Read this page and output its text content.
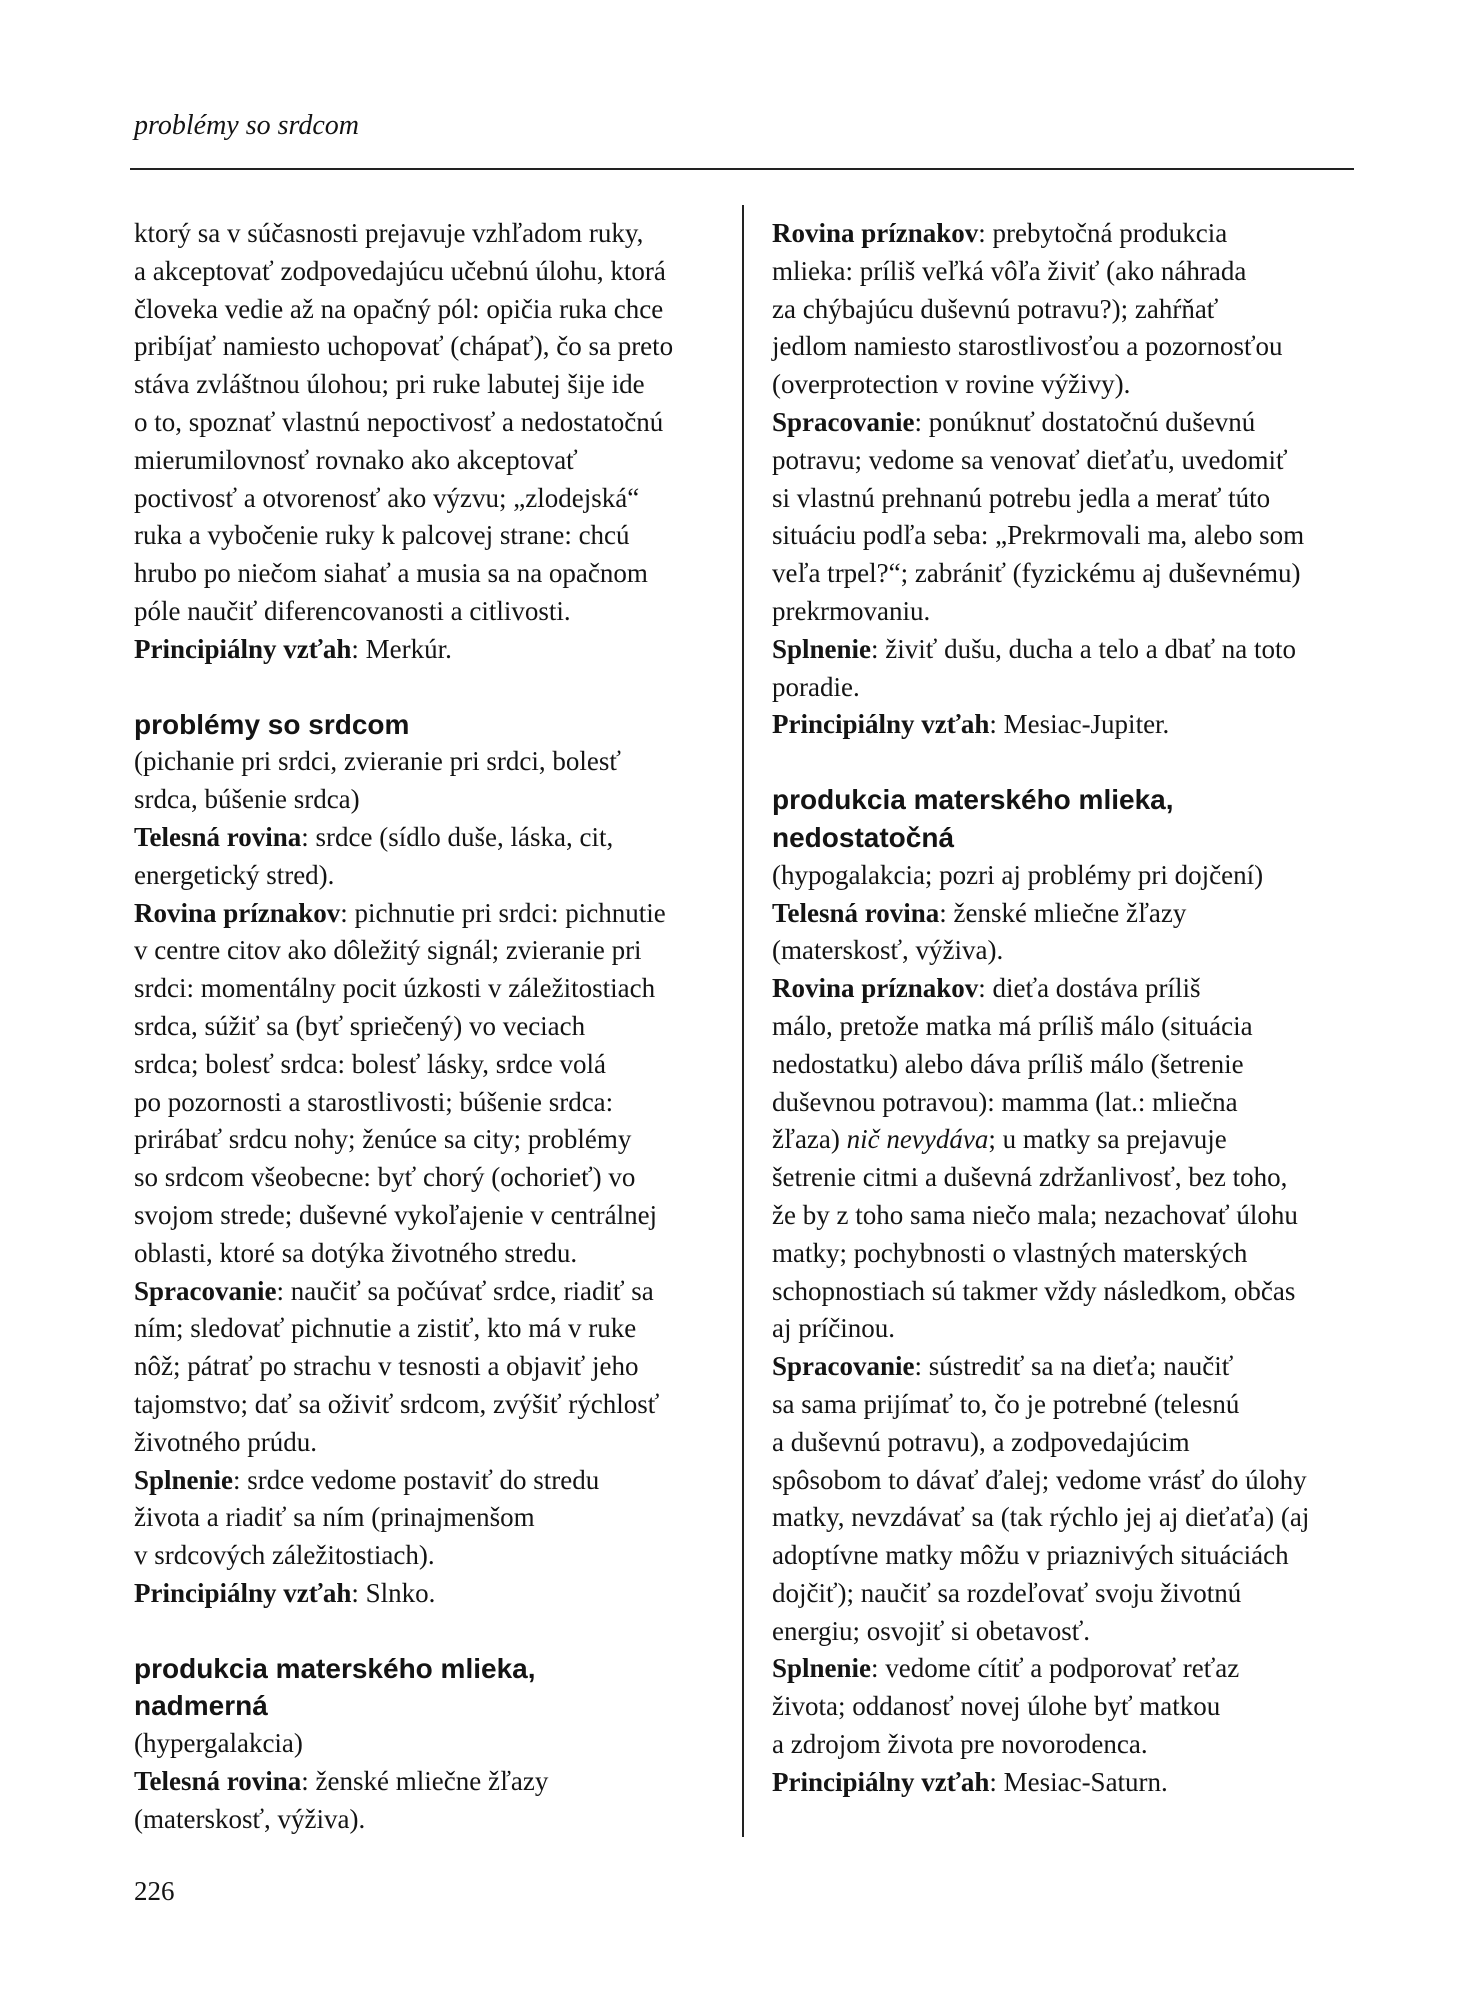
problémy so srdcom
ktorý sa v súčasnosti prejavuje vzhľadom ruky,
a akceptovať zodpovedajúcu učebnú úlohu, ktorá
človeka vedie až na opačný pól: opičia ruka chce
pribíjať namiesto uchopovať (chápať), čo sa preto
stáva zvláštnou úlohou; pri ruke labutej šije ide
o to, spoznať vlastnú nepoctivosť a nedostatočnú
mierumilovnosť rovnako ako akceptovať
poctivosť a otvorenosť ako výzvu; „zlodejská“
ruka a vybočenie ruky k palcovej strane: chcú
hrubo po niečom siahať a musia sa na opačnom
póle naučiť diferencovanosti a citlivosti.
Principiálny vzťah: Merkúr.
problémy so srdcom
(pichanie pri srdci, zvieranie pri srdci, bolesť
srdca, búšenie srdca)
Telesná rovina: srdce (sídlo duše, láska, cit,
energetický stred).
Rovina príznakov: pichnutie pri srdci: pichnutie
v centre citov ako dôležitý signál; zvieranie pri
srdci: momentálny pocit úzkosti v záležitostiach
srdca, súžiť sa (byť spriečený) vo veciach
srdca; bolesť srdca: bolesť lásky, srdce volá
po pozornosti a starostlivosti; búšenie srdca:
prirábať srdcu nohy; ženúce sa city; problémy
so srdcom všeobecne: byť chorý (ochorieť) vo
svojom strede; duševné vykoľajenie v centrálnej
oblasti, ktoré sa dotýka životného stredu.
Spracovanie: naučiť sa počúvať srdce, riadiť sa
ním; sledovať pichnutie a zistiť, kto má v ruke
nôž; pátrať po strachu v tesnosti a objaviť jeho
tajomstvo; dať sa oživiť srdcom, zvýšiť rýchlosť
životného prúdu.
Splnenie: srdce vedome postaviť do stredu
života a riadiť sa ním (prinajmenšom
v srdcových záležitostiach).
Principiálny vzťah: Slnko.
produkcia materského mlieka,
nadmerná
(hypergalakcia)
Telesná rovina: ženské mliečne žľazy
(materskosť, výživa).
Rovina príznakov: prebytočná produkcia
mlieka: príliš veľká vôľa živiť (ako náhrada
za chýbajúcu duševnú potravu?); zahŕňať
jedlom namiesto starostlivosťou a pozornosťou
(overprotection v rovine výživy).
Spracovanie: ponúknuť dostatočnú duševnú
potravu; vedome sa venovať dieťaťu, uvedomiť
si vlastnú prehnanú potrebu jedla a merať túto
situáciu podľa seba: „Prekrmovali ma, alebo som
veľa trpel?“; zabrániť (fyzickému aj duševnému)
prekrmovaniu.
Splnenie: živiť dušu, ducha a telo a dbať na toto
poradie.
Principiálny vzťah: Mesiac-Jupiter.
produkcia materského mlieka,
nedostatočná
(hypogalakcia; pozri aj problémy pri dojčení)
Telesná rovina: ženské mliečne žľazy
(materskosť, výživa).
Rovina príznakov: dieťa dostáva príliš
málo, pretože matka má príliš málo (situácia
nedostatku) alebo dáva príliš málo (šetrenie
duševnou potravou): mamma (lat.: mliečna
žľaza) nič nevydáva; u matky sa prejavuje
šetrenie citmi a duševná zdržanlivosť, bez toho,
že by z toho sama niečo mala; nezachovať úlohu
matky; pochybnosti o vlastných materských
schopnostiach sú takmer vždy následkom, občas
aj príčinou.
Spracovanie: sústrediť sa na dieťa; naučiť
sa sama prijímať to, čo je potrebné (telesnú
a duševnú potravu), a zodpovedajúcim
spôsobom to dávať ďalej; vedome vrásť do úlohy
matky, nevzdávať sa (tak rýchlo jej aj dieťaťa) (aj
adoptívne matky môžu v priaznivých situáciách
dojčiť); naučiť sa rozdeľovať svoju životnú
energiu; osvojiť si obetavosť.
Splnenie: vedome cítiť a podporovať reťaz
života; oddanosť novej úlohe byť matkou
a zdrojom života pre novorodenca.
Principiálny vzťah: Mesiac-Saturn.
226
